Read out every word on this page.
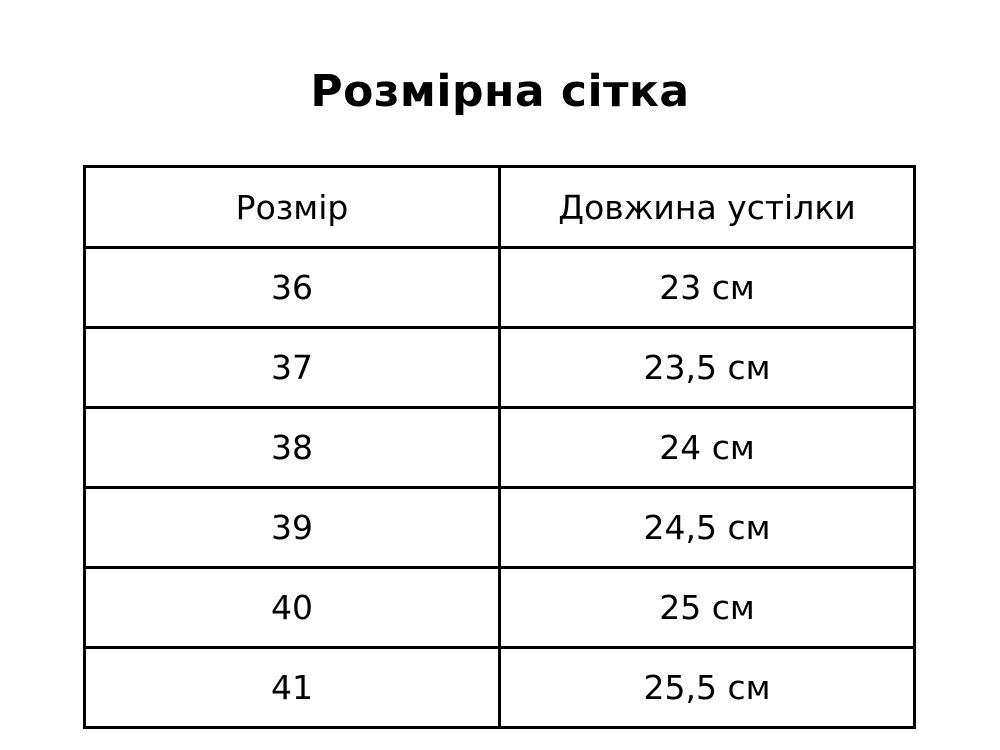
Розмірна сітка
Розмір	Довжина устілки
36	23 см
37	23,5 см
38	24 см
39	24,5 см
40	25 см
41	25,5 см
